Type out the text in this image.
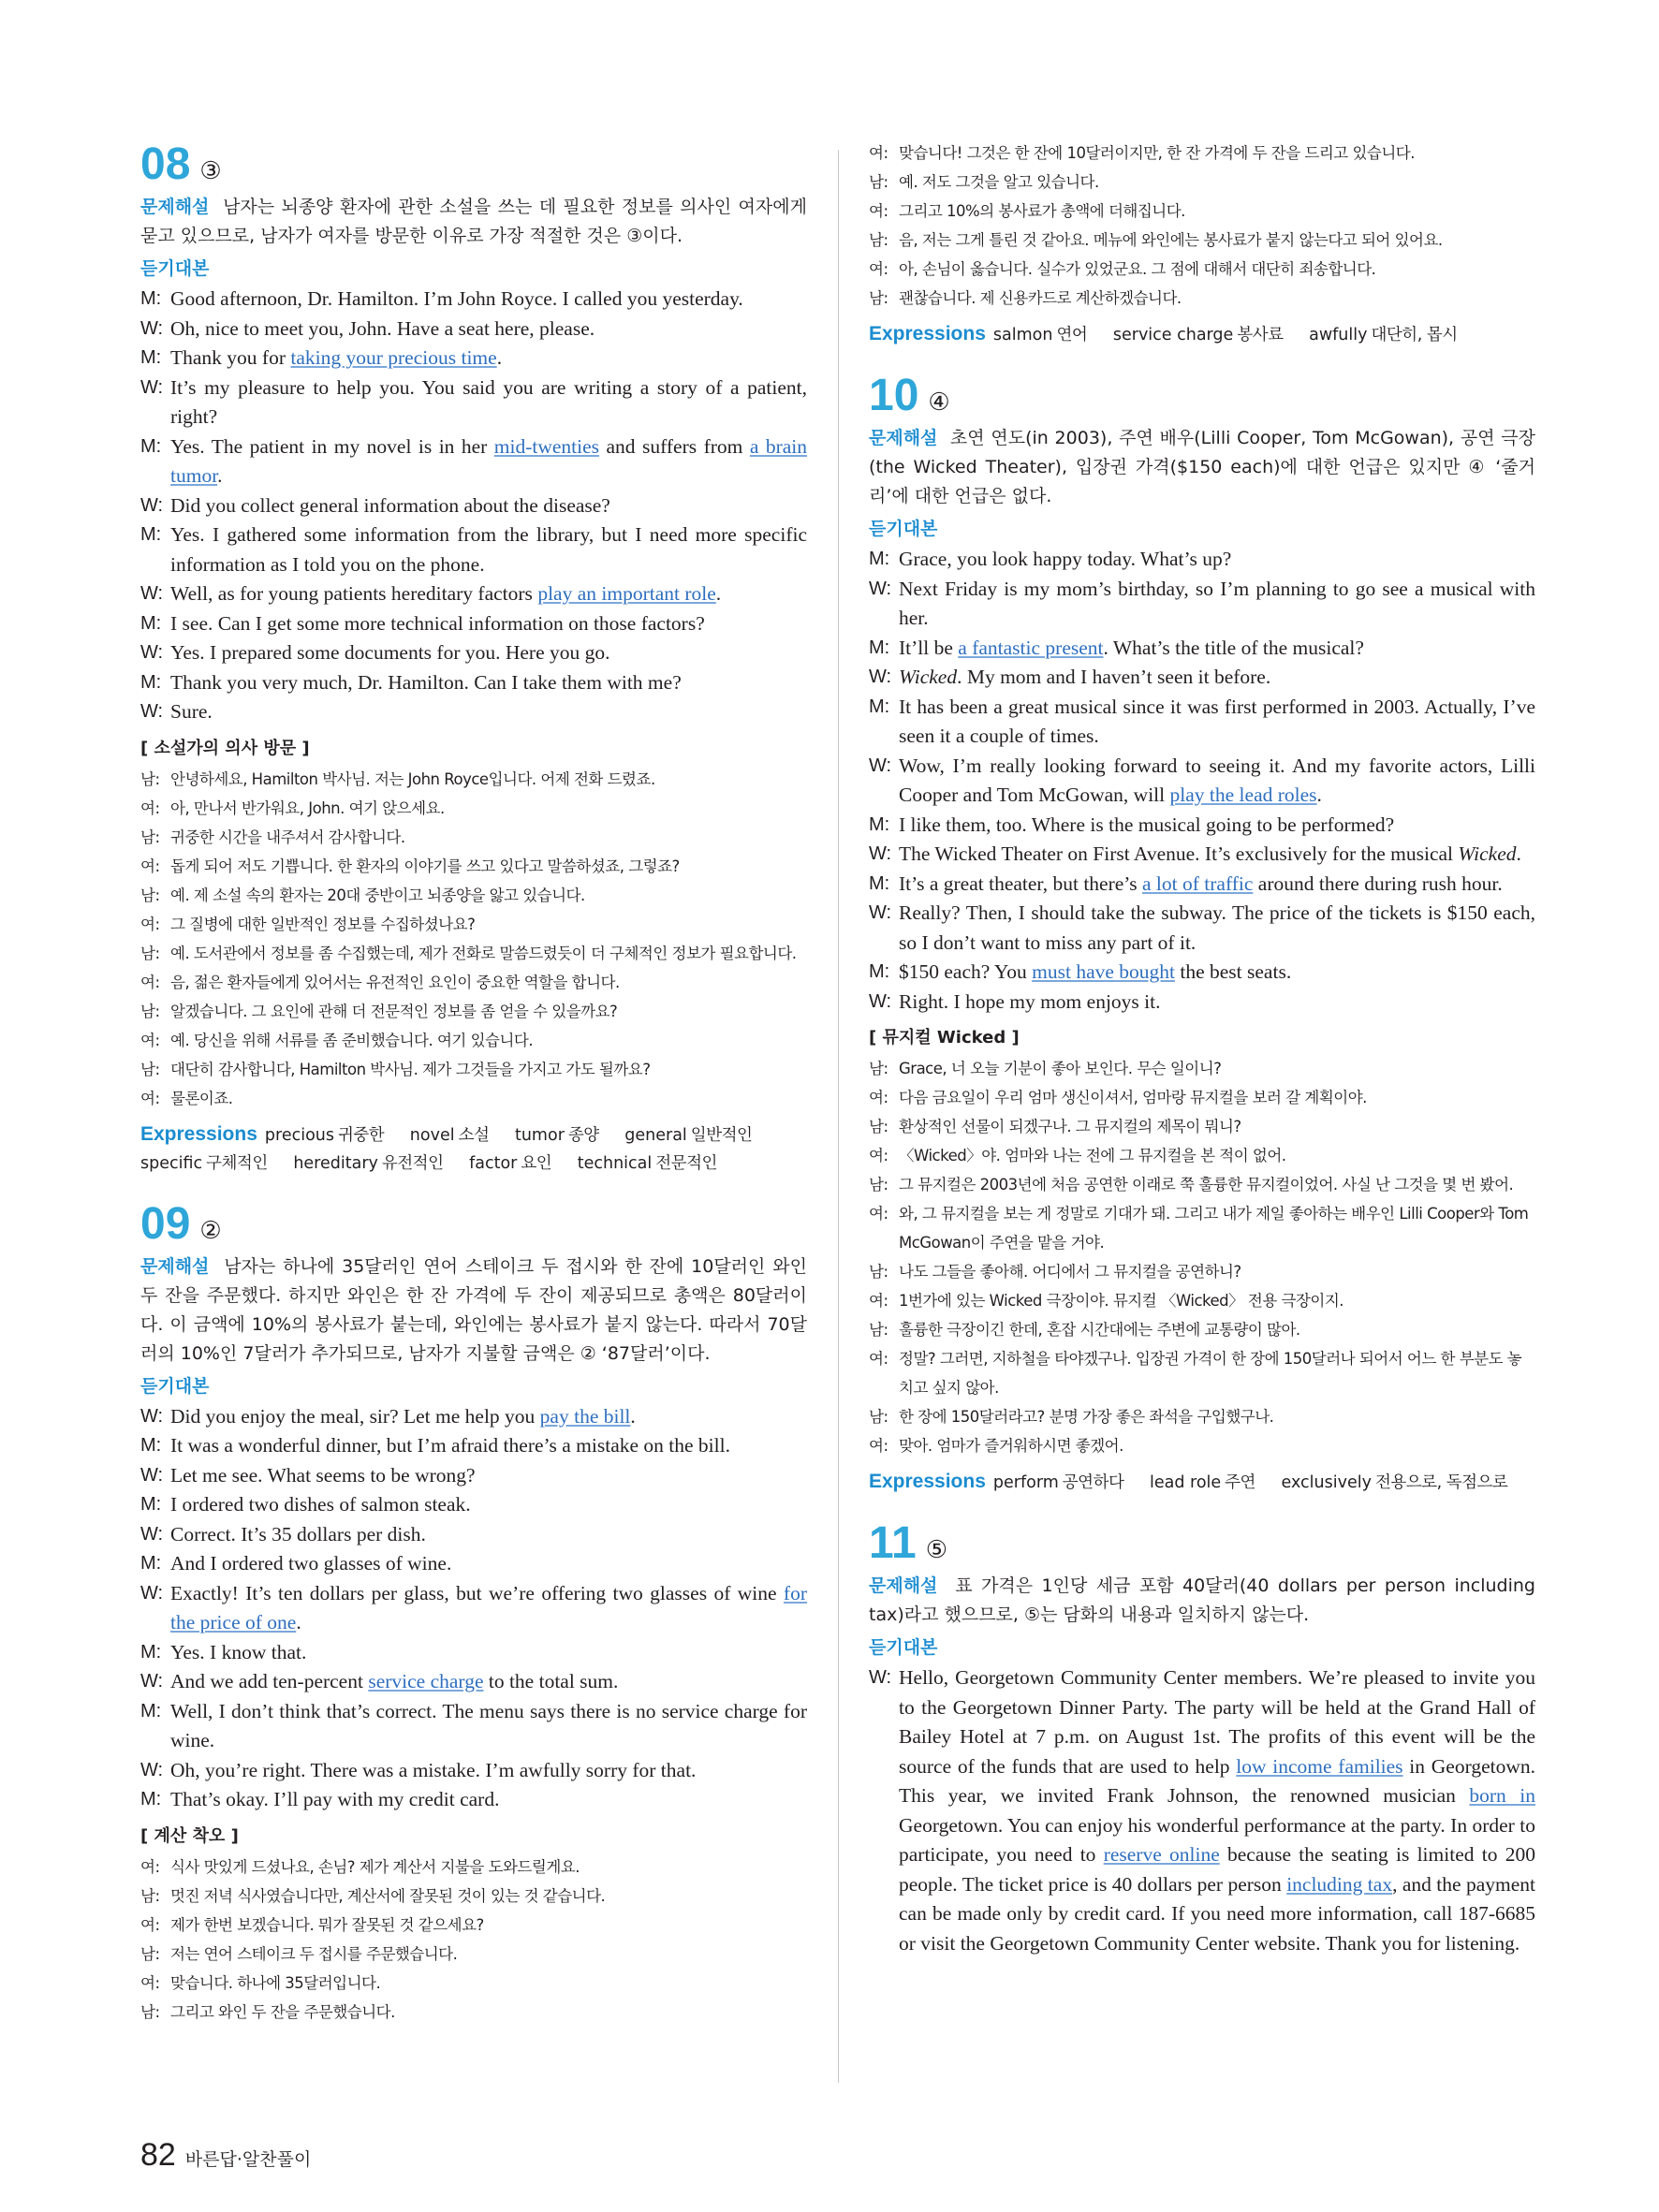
08 ③

문제해설 남자는 뇌종양 환자에 관한 소설을 쓰는 데 필요한 정보를 의사인 여자에게 묻고 있으므로, 남자가 여자를 방문한 이유로 가장 적절한 것은 ③이다.

듣기대본
M: Good afternoon, Dr. Hamilton. I’m John Royce. I called you yesterday.
W: Oh, nice to meet you, John. Have a seat here, please.
M: Thank you for taking your precious time.
W: It’s my pleasure to help you. You said you are writing a story of a patient, right?
M: Yes. The patient in my novel is in her mid-twenties and suffers from a brain tumor.
W: Did you collect general information about the disease?
M: Yes. I gathered some information from the library, but I need more specific information as I told you on the phone.
W: Well, as for young patients hereditary factors play an important role.
M: I see. Can I get some more technical information on those factors?
W: Yes. I prepared some documents for you. Here you go.
M: Thank you very much, Dr. Hamilton. Can I take them with me?
W: Sure.
[ 소설가의 의사 방문 ]
남: 안녕하세요, Hamilton 박사님. 저는 John Royce입니다. 어제 전화 드렸죠.
여: 아, 만나서 반가워요, John. 여기 앉으세요.
남: 귀중한 시간을 내주셔서 감사합니다.
여: 돕게 되어 저도 기쁩니다. 한 환자의 이야기를 쓰고 있다고 말씀하셨죠, 그렇죠?
남: 예. 제 소설 속의 환자는 20대 중반이고 뇌종양을 앓고 있습니다.
여: 그 질병에 대한 일반적인 정보를 수집하셨나요?
남: 예. 도서관에서 정보를 좀 수집했는데, 제가 전화로 말씀드렸듯이 더 구체적인 정보가 필요합니다.
여: 음, 젊은 환자들에게 있어서는 유전적인 요인이 중요한 역할을 합니다.
남: 알겠습니다. 그 요인에 관해 더 전문적인 정보를 좀 얻을 수 있을까요?
여: 예. 당신을 위해 서류를 좀 준비했습니다. 여기 있습니다.
남: 대단히 감사합니다, Hamilton 박사님. 제가 그것들을 가지고 가도 될까요?
여: 물론이죠.
Expressions precious 귀중한 novel 소설 tumor 종양 general 일반적인 specific 구체적인 hereditary 유전적인 factor 요인 technical 전문적인
09 ②

문제해설 남자는 하나에 35달러인 연어 스테이크 두 접시와 한 잔에 10달러인 와인 두 잔을 주문했다. 하지만 와인은 한 잔 가격에 두 잔이 제공되므로 총액은 80달러이다. 이 금액에 10%의 봉사료가 붙는데, 와인에는 봉사료가 붙지 않는다. 따라서 70달러의 10%인 7달러가 추가되므로, 남자가 지불할 금액은 ② ‘87달러’이다.

듣기대본
W: Did you enjoy the meal, sir? Let me help you pay the bill.
M: It was a wonderful dinner, but I’m afraid there’s a mistake on the bill.
W: Let me see. What seems to be wrong?
M: I ordered two dishes of salmon steak.
W: Correct. It’s 35 dollars per dish.
M: And I ordered two glasses of wine.
W: Exactly! It’s ten dollars per glass, but we’re offering two glasses of wine for the price of one.
M: Yes. I know that.
W: And we add ten-percent service charge to the total sum.
M: Well, I don’t think that’s correct. The menu says there is no service charge for wine.
W: Oh, you’re right. There was a mistake. I’m awfully sorry for that.
M: That’s okay. I’ll pay with my credit card.
[ 계산 착오 ]
여: 식사 맛있게 드셨나요, 손님? 제가 계산서 지불을 도와드릴게요.
남: 멋진 저녁 식사였습니다만, 계산서에 잘못된 것이 있는 것 같습니다.
여: 제가 한번 보겠습니다. 뭐가 잘못된 것 같으세요?
남: 저는 연어 스테이크 두 접시를 주문했습니다.
여: 맞습니다. 하나에 35달러입니다.
남: 그리고 와인 두 잔을 주문했습니다.
여: 맞습니다! 그것은 한 잔에 10달러이지만, 한 잔 가격에 두 잔을 드리고 있습니다.
남: 예. 저도 그것을 알고 있습니다.
여: 그리고 10%의 봉사료가 총액에 더해집니다.
남: 음, 저는 그게 틀린 것 같아요. 메뉴에 와인에는 봉사료가 붙지 않는다고 되어 있어요.
여: 아, 손님이 옳습니다. 실수가 있었군요. 그 점에 대해서 대단히 죄송합니다.
남: 괜찮습니다. 제 신용카드로 계산하겠습니다.
Expressions salmon 연어 service charge 봉사료 awfully 대단히, 몹시
10 ④

문제해설 초연 연도(in 2003), 주연 배우(Lilli Cooper, Tom McGowan), 공연 극장(the Wicked Theater), 입장권 가격($150 each)에 대한 언급은 있지만 ④ ‘줄거리’에 대한 언급은 없다.

듣기대본
M: Grace, you look happy today. What’s up?
W: Next Friday is my mom’s birthday, so I’m planning to go see a musical with her.
M: It’ll be a fantastic present. What’s the title of the musical?
W: Wicked. My mom and I haven’t seen it before.
M: It has been a great musical since it was first performed in 2003. Actually, I’ve seen it a couple of times.
W: Wow, I’m really looking forward to seeing it. And my favorite actors, Lilli Cooper and Tom McGowan, will play the lead roles.
M: I like them, too. Where is the musical going to be performed?
W: The Wicked Theater on First Avenue. It’s exclusively for the musical Wicked.
M: It’s a great theater, but there’s a lot of traffic around there during rush hour.
W: Really? Then, I should take the subway. The price of the tickets is $150 each, so I don’t want to miss any part of it.
M: $150 each? You must have bought the best seats.
W: Right. I hope my mom enjoys it.
[ 뮤지컬 Wicked ]
남: Grace, 너 오늘 기분이 좋아 보인다. 무슨 일이니?
여: 다음 금요일이 우리 엄마 생신이셔서, 엄마랑 뮤지컬을 보러 갈 계획이야.
남: 환상적인 선물이 되겠구나. 그 뮤지컬의 제목이 뭐니?
여: 〈Wicked〉야. 엄마와 나는 전에 그 뮤지컬을 본 적이 없어.
남: 그 뮤지컬은 2003년에 처음 공연한 이래로 쭉 훌륭한 뮤지컬이었어. 사실 난 그것을 몇 번 봤어.
여: 와, 그 뮤지컬을 보는 게 정말로 기대가 돼. 그리고 내가 제일 좋아하는 배우인 Lilli Cooper와 Tom McGowan이 주연을 맡을 거야.
남: 나도 그들을 좋아해. 어디에서 그 뮤지컬을 공연하니?
여: 1번가에 있는 Wicked 극장이야. 뮤지컬 〈Wicked〉 전용 극장이지.
남: 훌륭한 극장이긴 한데, 혼잡 시간대에는 주변에 교통량이 많아.
여: 정말? 그러면, 지하철을 타야겠구나. 입장권 가격이 한 장에 150달러나 되어서 어느 한 부분도 놓치고 싶지 않아.
남: 한 장에 150달러라고? 분명 가장 좋은 좌석을 구입했구나.
여: 맞아. 엄마가 즐거워하시면 좋겠어.
Expressions perform 공연하다 lead role 주연 exclusively 전용으로, 독점으로
11 ⑤

문제해설 표 가격은 1인당 세금 포함 40달러(40 dollars per person including tax)라고 했으므로, ⑤는 담화의 내용과 일치하지 않는다.

듣기대본
W: Hello, Georgetown Community Center members. We’re pleased to invite you to the Georgetown Dinner Party. The party will be held at the Grand Hall of Bailey Hotel at 7 p.m. on August 1st. The profits of this event will be the source of the funds that are used to help low income families in Georgetown. This year, we invited Frank Johnson, the renowned musician born in Georgetown. You can enjoy his wonderful performance at the party. In order to participate, you need to reserve online because the seating is limited to 200 people. The ticket price is 40 dollars per person including tax, and the payment can be made only by credit card. If you need more information, call 187-6685 or visit the Georgetown Community Center website. Thank you for listening.
82 바른답·알찬풀이
